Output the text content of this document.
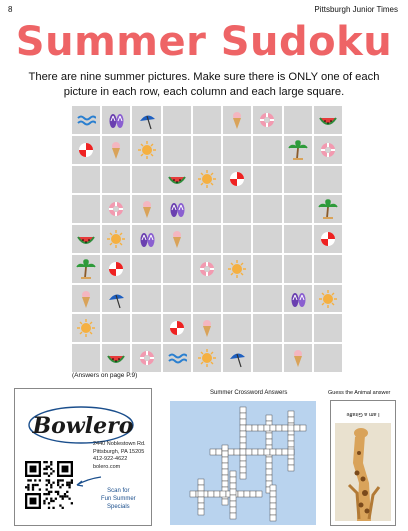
8	Pittsburgh Junior Times
Summer Sudoku
There are nine summer pictures. Make sure there is ONLY one of each picture in each row, each column and each large square.
(Answers on page P.9)
Bowlero
2440 Noblestown Rd.
Pittsburgh, PA 15205
412-922-4622
bolero.com
Scan for
Fun Summer
Specials
Summer Crossword Answers	Guess the Animal answer
I am a Giraffe
